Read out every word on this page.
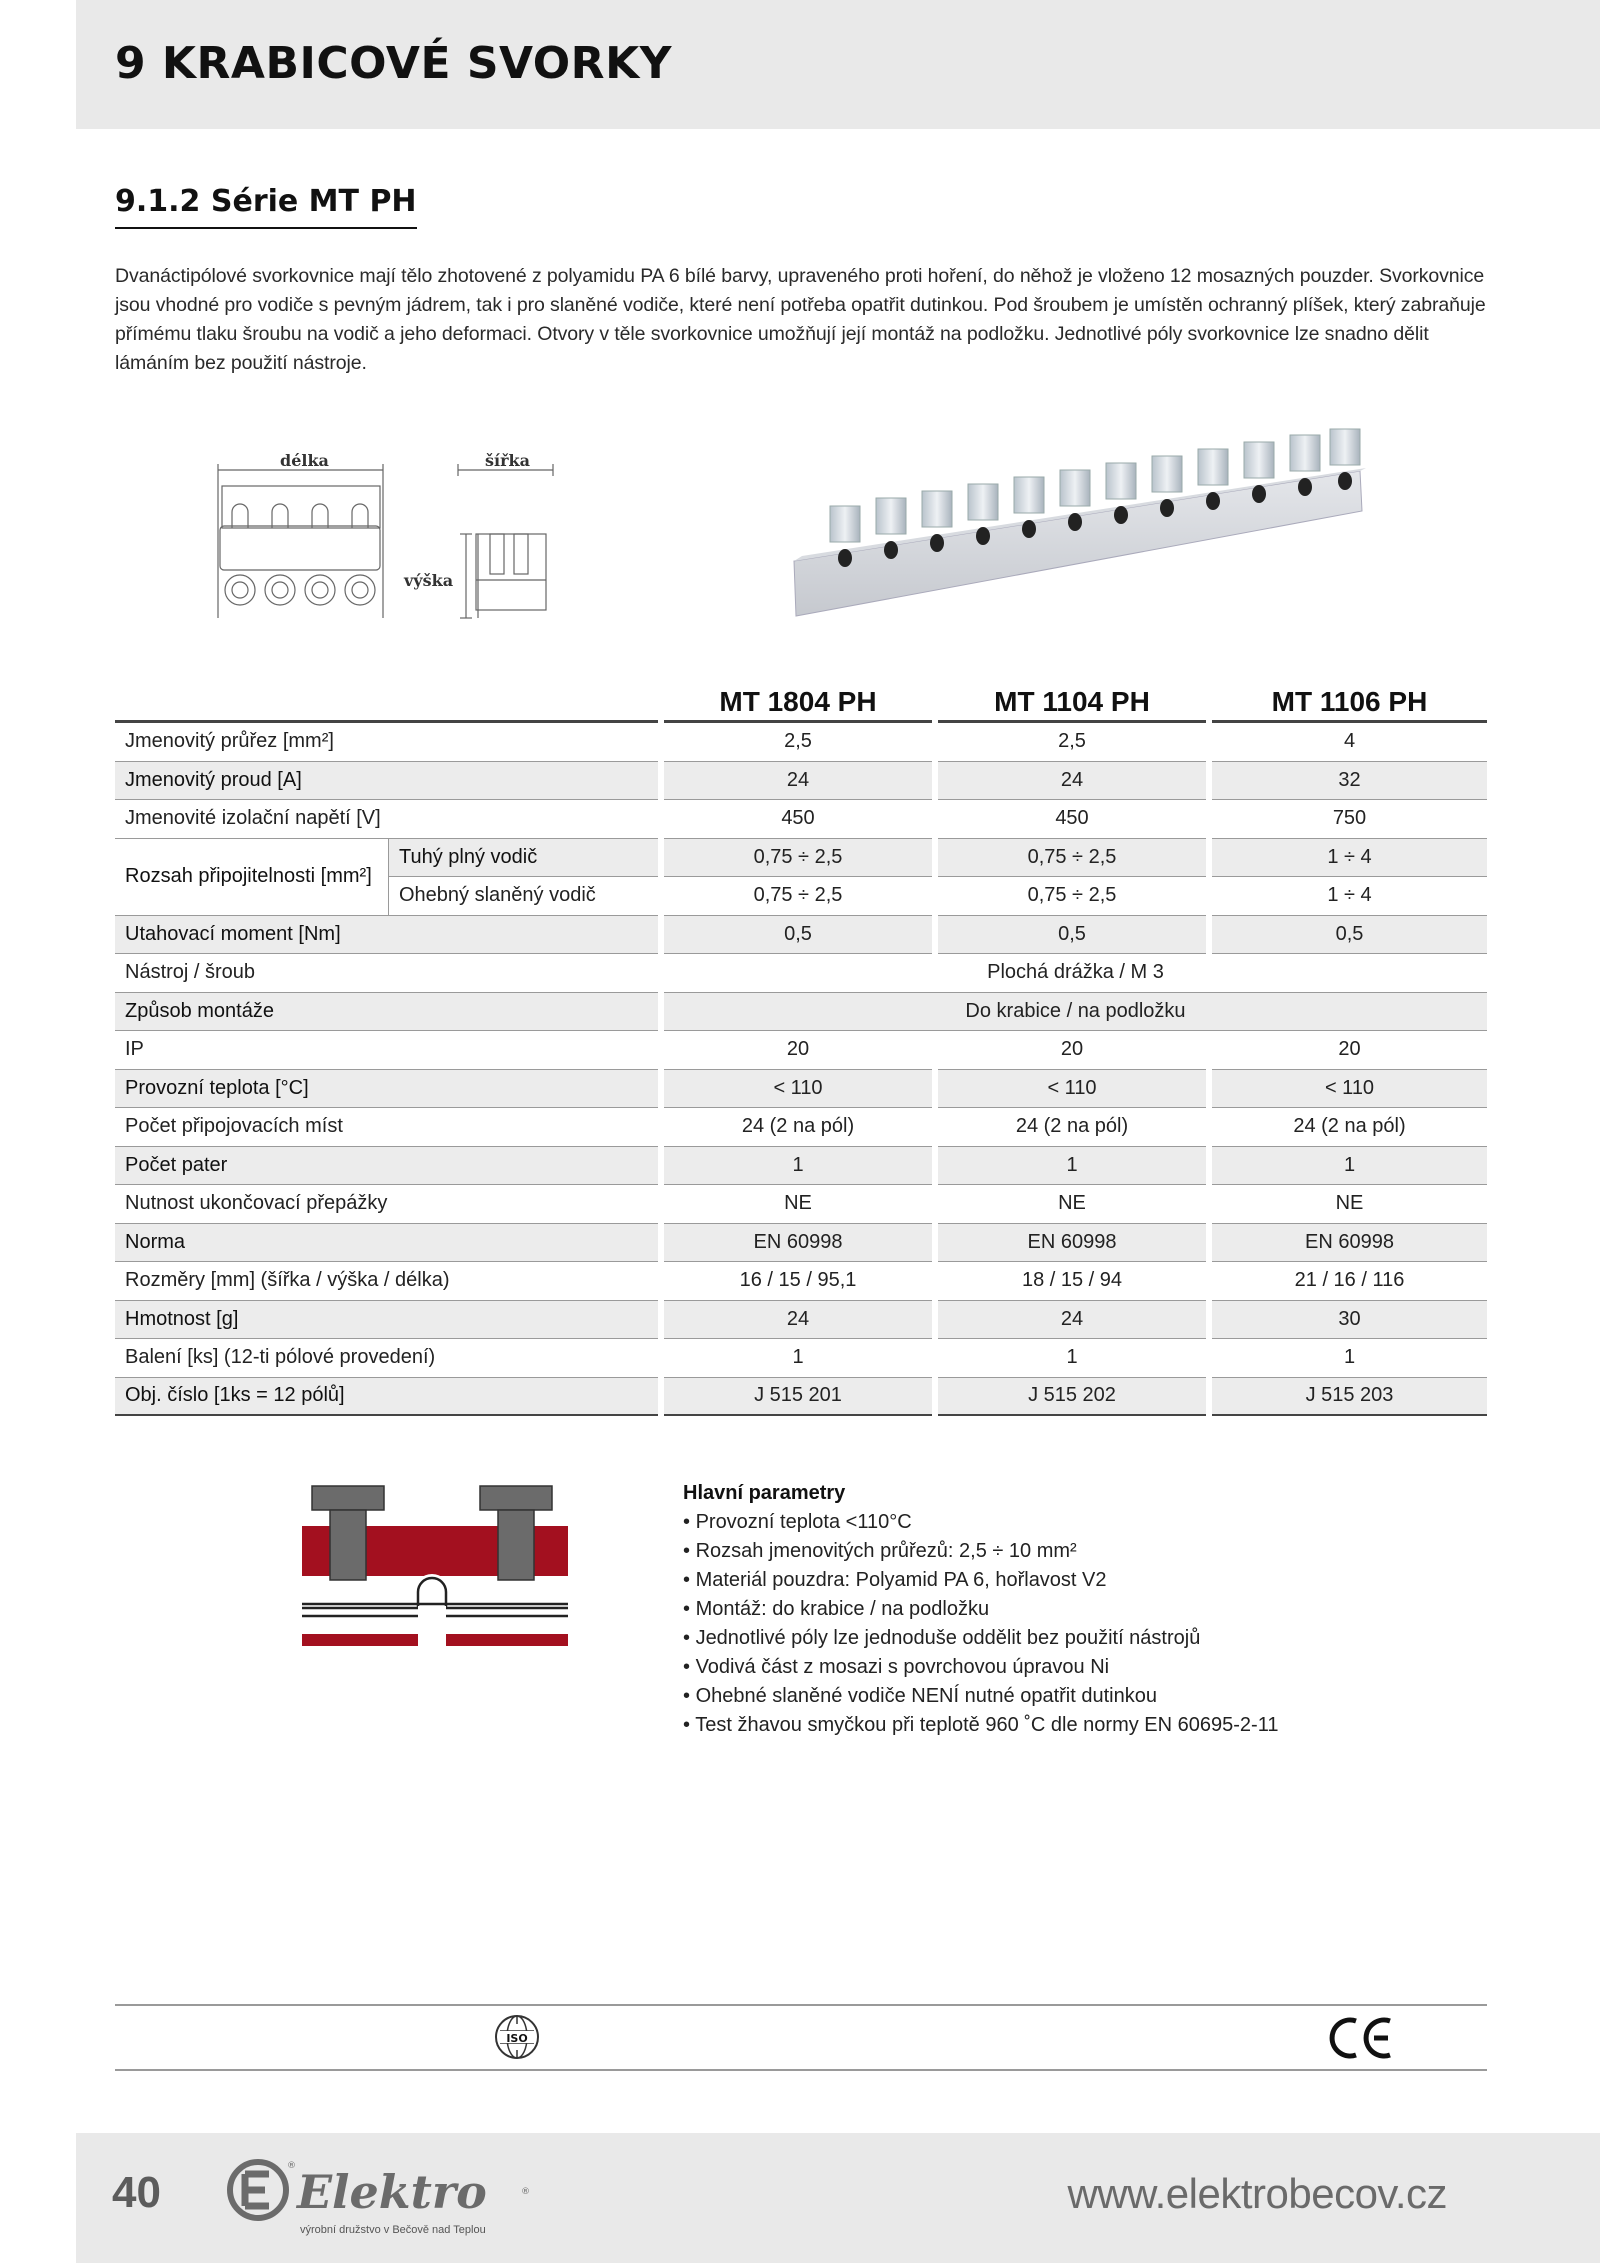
9 KRABICOVÉ SVORKY
9.1.2 Série MT PH

Dvanáctipólové svorkovnice mají tělo zhotovené z polyamidu PA 6 bílé barvy, upraveného proti hoření, do něhož je vloženo 12 mosazných pouzder. Svorkovnice jsou vhodné pro vodiče s pevným jádrem, tak i pro slaněné vodiče, které není potřeba opatřit dutinkou. Pod šroubem je umístěn ochranný plíšek, který zabraňuje přímému tlaku šroubu na vodič a jeho deformaci. Otvory v těle svorkovnice umožňují její montáž na podložku. Jednotlivé póly svorkovnice lze snadno dělit lámáním bez použití nástroje.

délka	šířka
výška
			MT 1804 PH		MT 1104 PH		MT 1106 PH
Jmenovitý průřez [mm²]			2,5		2,5		4
Jmenovitý proud [A]			24		24		32
Jmenovité izolační napětí [V]			450		450		750
Rozsah připojitelnosti [mm²]	Tuhý plný vodič		0,75 ÷ 2,5		0,75 ÷ 2,5		1 ÷ 4
	Ohebný slaněný vodič		0,75 ÷ 2,5		0,75 ÷ 2,5		1 ÷ 4
Utahovací moment [Nm]			0,5		0,5		0,5
Nástroj / šroub			Plochá drážka / M 3				
Způsob montáže			Do krabice / na podložku				
IP			20		20		20
Provozní teplota [°C]			< 110		< 110		< 110
Počet připojovacích míst			24 (2 na pól)		24 (2 na pól)		24 (2 na pól)
Počet pater			1		1		1
Nutnost ukončovací přepážky			NE		NE		NE
Norma			EN 60998		EN 60998		EN 60998
Rozměry [mm] (šířka / výška / délka)			16 / 15 / 95,1		18 / 15 / 94		21 / 16 / 116
Hmotnost [g]			24		24		30
Balení [ks] (12-ti pólové provedení)			1		1		1
Obj. číslo [1ks = 12 pólů]			J 515 201		J 515 202		J 515 203
Hlavní parametry
• Provozní teplota <110°C
• Rozsah jmenovitých průřezů: 2,5 ÷ 10 mm²
• Materiál pouzdra: Polyamid PA 6, hořlavost V2
• Montáž: do krabice / na podložku
• Jednotlivé póly lze jednoduše oddělit bez použití nástrojů
• Vodivá část z mosazi s povrchovou úpravou Ni
• Ohebné slaněné vodiče NENÍ nutné opatřit dutinkou
• Test žhavou smyčkou při teplotě 960 ˚C dle normy EN 60695-2-11
ISO	CE
40	Elektro
®
®
výrobní družstvo v Bečově nad Teplou
www.elektrobecov.cz
